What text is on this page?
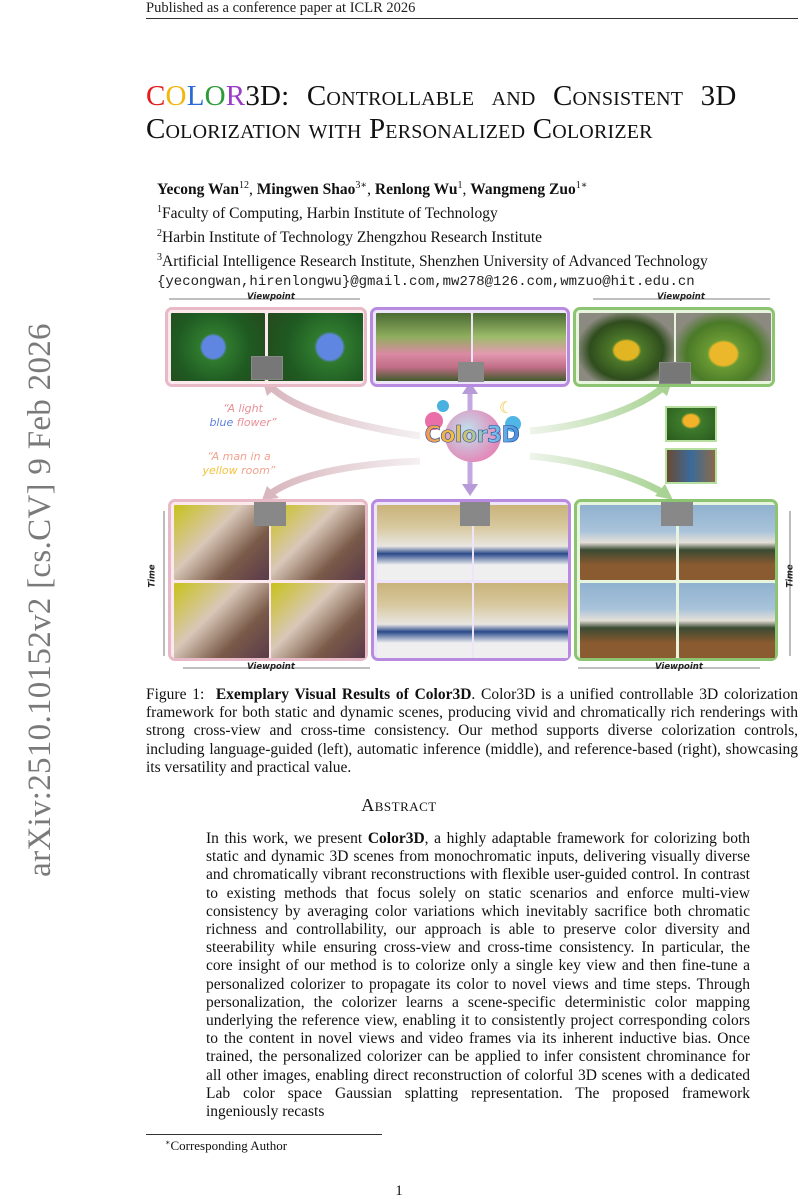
Published as a conference paper at ICLR 2026
arXiv:2510.10152v2 [cs.CV] 9 Feb 2026
COLOR3D: Controllable and Consistent 3D
Colorization with Personalized Colorizer
Yecong Wan$^{12}$, Mingwen Shao$^{3∗}$, Renlong Wu$^1$, Wangmeng Zuo$^{1∗}$
$^1$Faculty of Computing, Harbin Institute of Technology
$^2$Harbin Institute of Technology Zhengzhou Research Institute
$^3$Artificial Intelligence Research Institute, Shenzhen University of Advanced Technology
{yecongwan,hirenlongwu}@gmail.com,mw278@126.com,wmzuo@hit.edu.cn
Viewpoint	Viewpoint
Viewpoint	Viewpoint
Time	Time
“A light
blue flower”
“A man in a
yellow room”
☾
Color3D
Figure 1: Exemplary Visual Results of Color3D. Color3D is a unified controllable 3D colorization framework for both static and dynamic scenes, producing vivid and chromatically rich renderings with strong cross-view and cross-time consistency. Our method supports diverse colorization controls, including language-guided (left), automatic inference (middle), and reference-based (right), showcasing its versatility and practical value.
Abstract
In this work, we present Color3D, a highly adaptable framework for colorizing both static and dynamic 3D scenes from monochromatic inputs, delivering visually diverse and chromatically vibrant reconstructions with flexible user-guided control. In contrast to existing methods that focus solely on static scenarios and enforce multi-view consistency by averaging color variations which inevitably sacrifice both chromatic richness and controllability, our approach is able to preserve color diversity and steerability while ensuring cross-view and cross-time consistency. In particular, the core insight of our method is to colorize only a single key view and then fine-tune a personalized colorizer to propagate its color to novel views and time steps. Through personalization, the colorizer learns a scene-specific deterministic color mapping underlying the reference view, enabling it to consistently project corresponding colors to the content in novel views and video frames via its inherent inductive bias. Once trained, the personalized colorizer can be applied to infer consistent chrominance for all other images, enabling direct reconstruction of colorful 3D scenes with a dedicated Lab color space Gaussian splatting representation. The proposed framework ingeniously recasts
∗Corresponding Author
1
